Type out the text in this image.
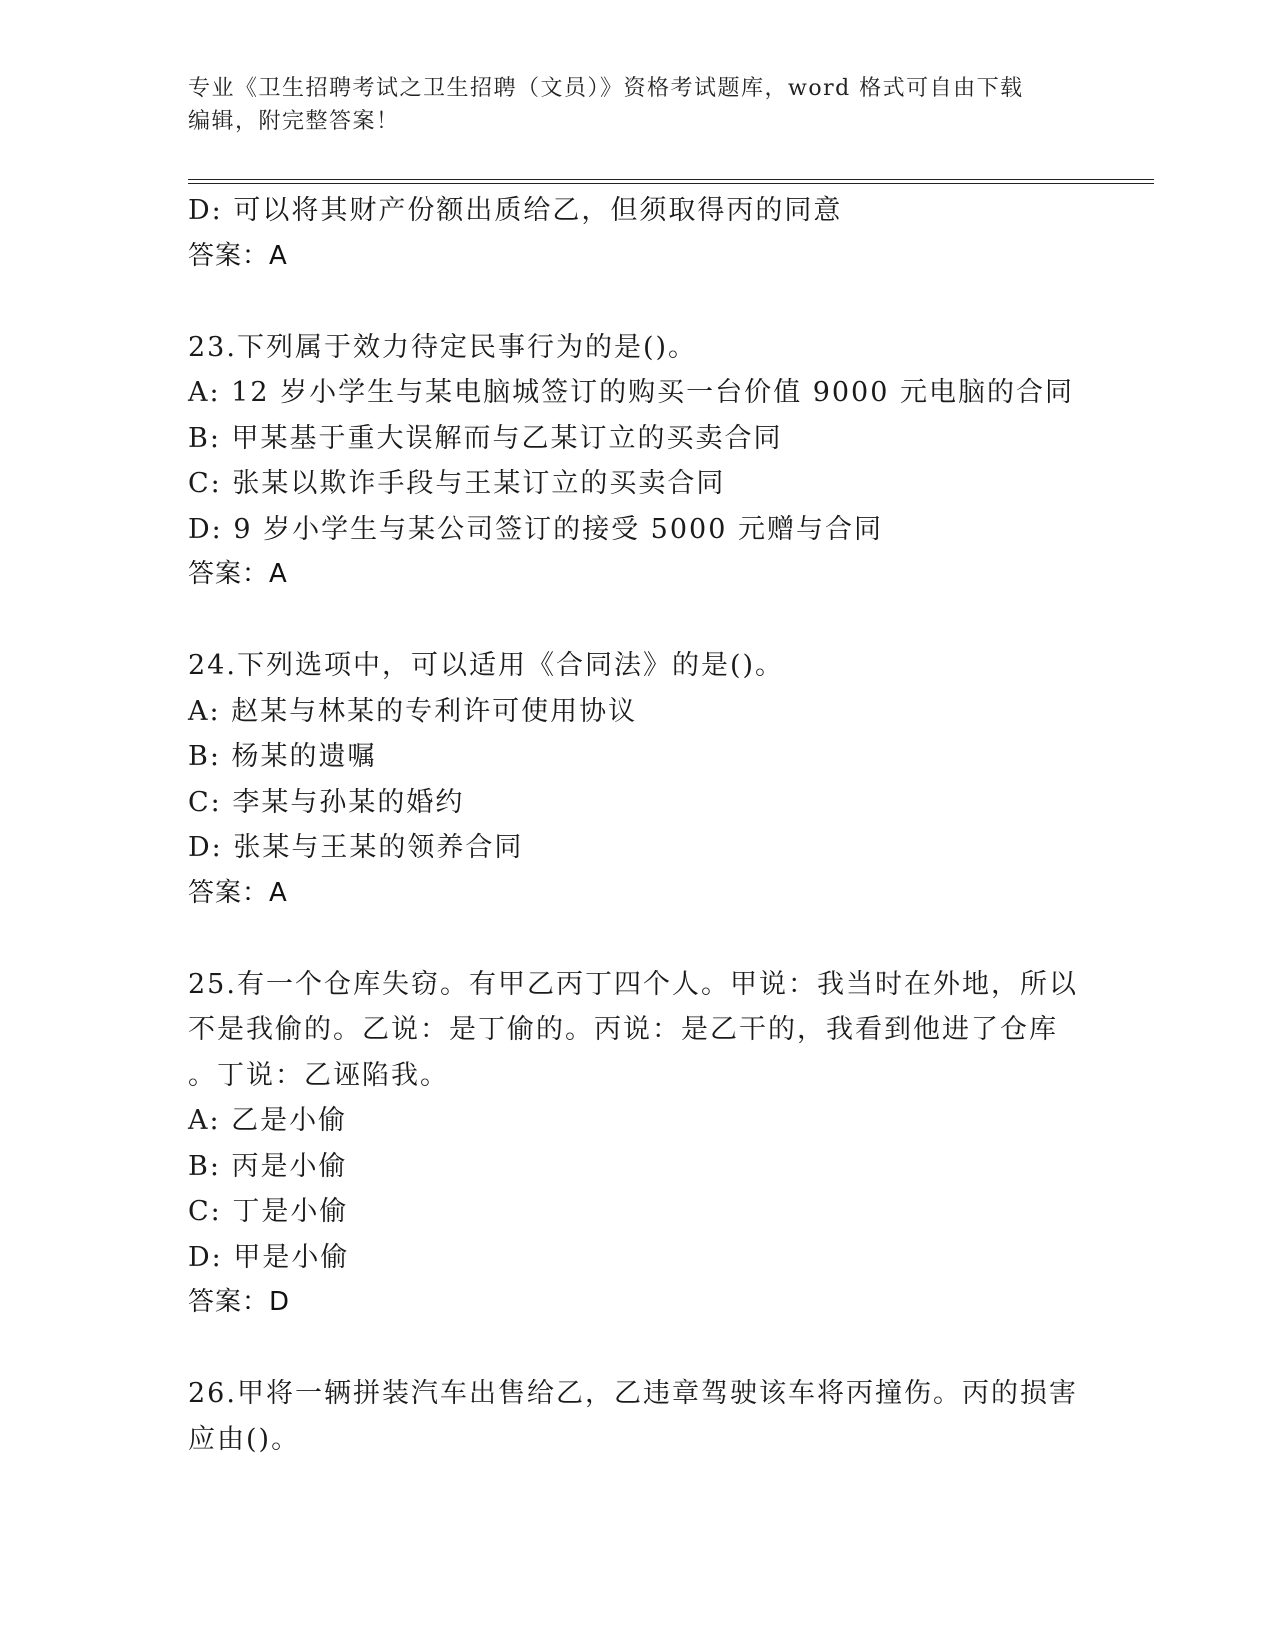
专业《卫生招聘考试之卫生招聘（文员）》资格考试题库，word 格式可自由下载
编辑，附完整答案！
D: 可以将其财产份额出质给乙，但须取得丙的同意
答案：A
23.下列属于效力待定民事行为的是()。
A: 12 岁小学生与某电脑城签订的购买一台价值 9000 元电脑的合同
B: 甲某基于重大误解而与乙某订立的买卖合同
C: 张某以欺诈手段与王某订立的买卖合同
D: 9 岁小学生与某公司签订的接受 5000 元赠与合同
答案：A
24.下列选项中，可以适用《合同法》的是()。
A: 赵某与林某的专利许可使用协议
B: 杨某的遗嘱
C: 李某与孙某的婚约
D: 张某与王某的领养合同
答案：A
25.有一个仓库失窃。有甲乙丙丁四个人。甲说：我当时在外地，所以
不是我偷的。乙说：是丁偷的。丙说：是乙干的，我看到他进了仓库
。丁说：乙诬陷我。
A: 乙是小偷
B: 丙是小偷
C: 丁是小偷
D: 甲是小偷
答案：D
26.甲将一辆拼装汽车出售给乙，乙违章驾驶该车将丙撞伤。丙的损害
应由()。
